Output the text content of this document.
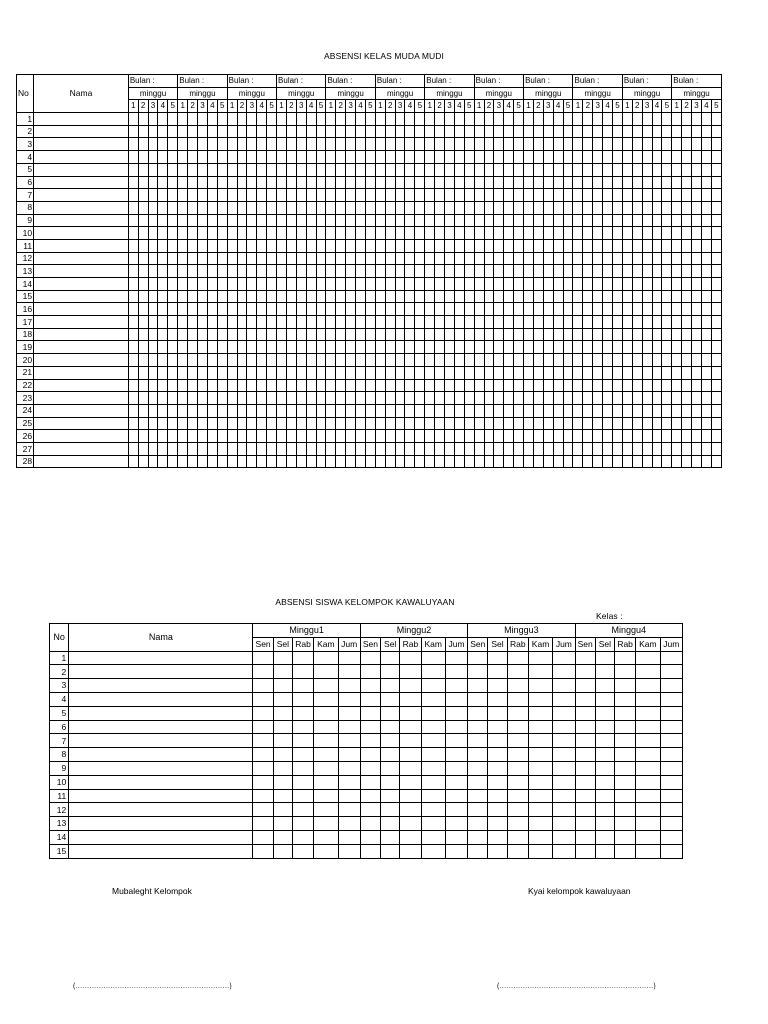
ABSENSI KELAS MUDA MUDI
No	Nama	Bulan :					Bulan :					Bulan :					Bulan :					Bulan :					Bulan :					Bulan :					Bulan :					Bulan :					Bulan :					Bulan :					Bulan :				
		minggu					minggu					minggu					minggu					minggu					minggu					minggu					minggu					minggu					minggu					minggu					minggu				
		1	2	3	4	5	1	2	3	4	5	1	2	3	4	5	1	2	3	4	5	1	2	3	4	5	1	2	3	4	5	1	2	3	4	5	1	2	3	4	5	1	2	3	4	5	1	2	3	4	5	1	2	3	4	5	1	2	3	4	5
1																																																													
2																																																													
3																																																													
4																																																													
5																																																													
6																																																													
7																																																													
8																																																													
9																																																													
10																																																													
11																																																													
12																																																													
13																																																													
14																																																													
15																																																													
16																																																													
17																																																													
18																																																													
19																																																													
20																																																													
21																																																													
22																																																													
23																																																													
24																																																													
25																																																													
26																																																													
27																																																													
28																																																													
ABSENSI SISWA KELOMPOK KAWALUYAAN
Kelas :
No	Nama	Minggu1					Minggu2					Minggu3					Minggu4				
		Sen	Sel	Rab	Kam	Jum	Sen	Sel	Rab	Kam	Jum	Sen	Sel	Rab	Kam	Jum	Sen	Sel	Rab	Kam	Jum
1																					
2																					
3																					
4																					
5																					
6																					
7																					
8																					
9																					
10																					
11																					
12																					
13																					
14																					
15																					
Mubaleght Kelompok	Kyai kelompok kawaluyaan
(…………………………………………………………)	(…………………………………………………………)
